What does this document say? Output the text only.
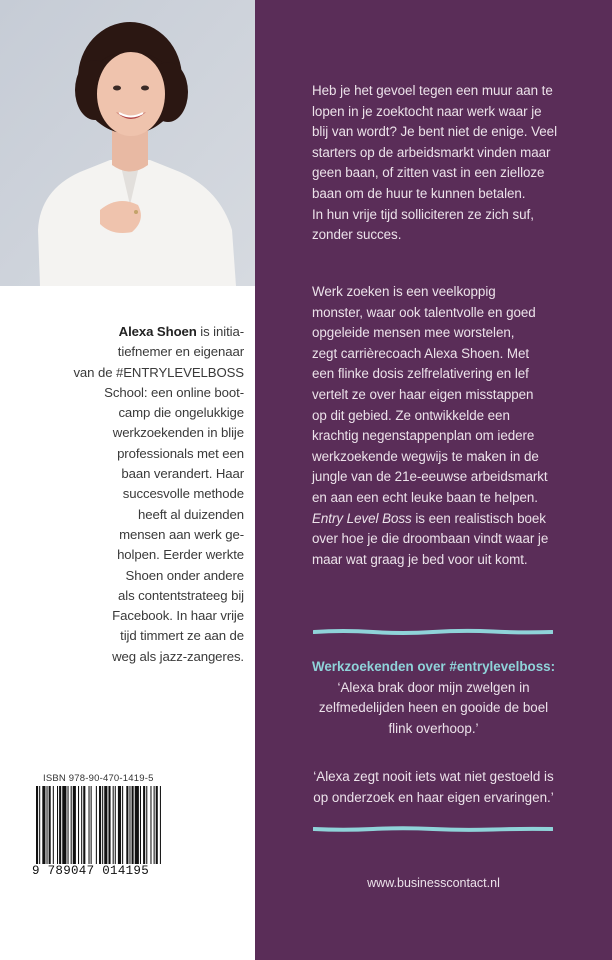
Alexa Shoen is initia-
tiefnemer en eigenaar
van de #ENTRYLEVELBOSS
School: een online boot-
camp die ongelukkige
werkzoekenden in blije
professionals met een
baan verandert. Haar
succesvolle methode
heeft al duizenden
mensen aan werk ge-
holpen. Eerder werkte
Shoen onder andere
als contentstrateeg bij
Facebook. In haar vrije
tijd timmert ze aan de
weg als jazz-zangeres.
ISBN 978-90-470-1419-5
9 789047 014195
Heb je het gevoel tegen een muur aan te
lopen in je zoektocht naar werk waar je
blij van wordt? Je bent niet de enige. Veel
starters op de arbeidsmarkt vinden maar
geen baan, of zitten vast in een zielloze
baan om de huur te kunnen betalen.
In hun vrije tijd solliciteren ze zich suf,
zonder succes.
Werk zoeken is een veelkoppig
monster, waar ook talentvolle en goed
opgeleide mensen mee worstelen,
zegt carrièrecoach Alexa Shoen. Met
een flinke dosis zelfrelativering en lef
vertelt ze over haar eigen misstappen
op dit gebied. Ze ontwikkelde een
krachtig negenstappenplan om iedere
werkzoekende wegwijs te maken in de
jungle van de 21e-eeuwse arbeidsmarkt
en aan een echt leuke baan te helpen.
Entry Level Boss is een realistisch boek
over hoe je die droombaan vindt waar je
maar wat graag je bed voor uit komt.
Werkzoekenden over #entrylevelboss:
‘Alexa brak door mijn zwelgen in
zelfmedelijden heen en gooide de boel
flink overhoop.’
‘Alexa zegt nooit iets wat niet gestoeld is
op onderzoek en haar eigen ervaringen.’
www.businesscontact.nl
